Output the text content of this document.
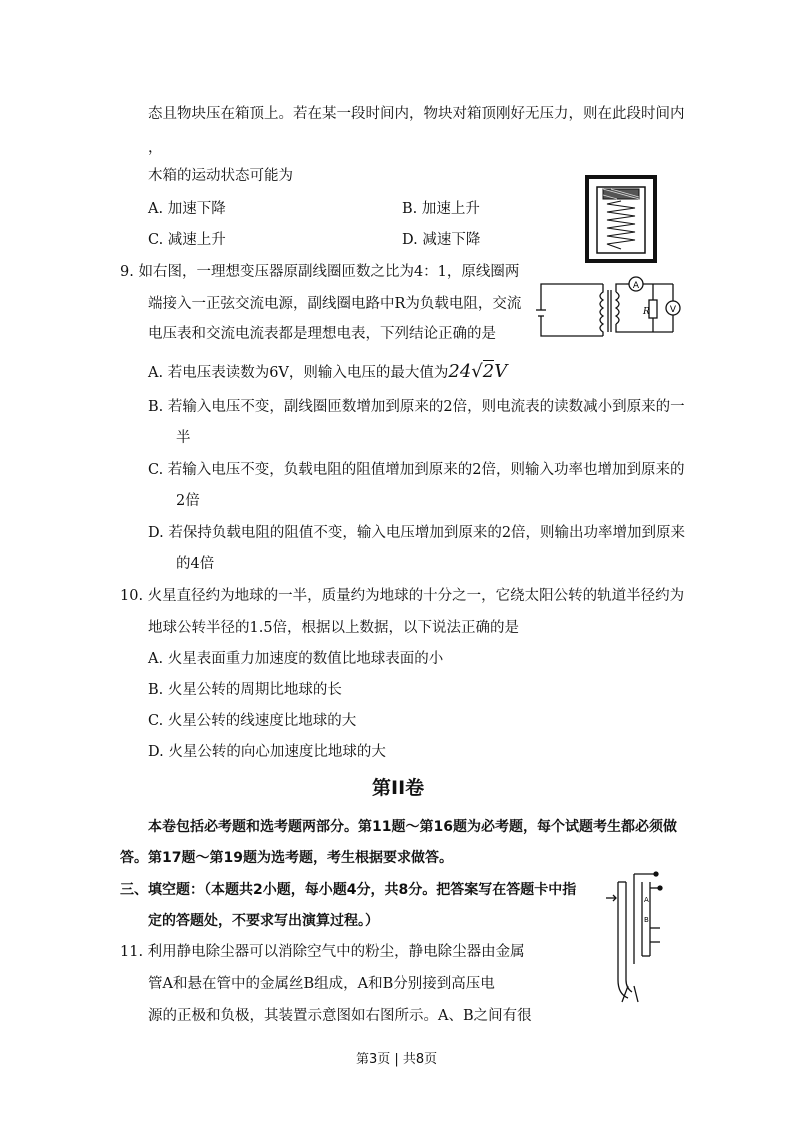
态且物块压在箱顶上。若在某一段时间内，物块对箱顶刚好无压力，则在此段时间内
，
木箱的运动状态可能为
A. 加速下降	B. 加速上升
C. 减速上升	D. 减速下降
9. 如右图，一理想变压器原副线圈匝数之比为4：1，原线圈两
端接入一正弦交流电源，副线圈电路中R为负载电阻，交流
电压表和交流电流表都是理想电表，下列结论正确的是
A
R V
A. 若电压表读数为6V，则输入电压的最大值为24√2V
B. 若输入电压不变，副线圈匝数增加到原来的2倍，则电流表的读数减小到原来的一
半
C. 若输入电压不变，负载电阻的阻值增加到原来的2倍，则输入功率也增加到原来的
2倍
D. 若保持负载电阻的阻值不变，输入电压增加到原来的2倍，则输出功率增加到原来
的4倍
10. 火星直径约为地球的一半，质量约为地球的十分之一，它绕太阳公转的轨道半径约为
地球公转半径的1.5倍，根据以上数据，以下说法正确的是
A. 火星表面重力加速度的数值比地球表面的小
B. 火星公转的周期比地球的长
C. 火星公转的线速度比地球的大
D. 火星公转的向心加速度比地球的大
第II卷
本卷包括必考题和选考题两部分。第11题～第16题为必考题，每个试题考生都必须做
答。第17题～第19题为选考题，考生根据要求做答。
三、填空题：（本题共2小题，每小题4分，共8分。把答案写在答题卡中指
定的答题处，不要求写出演算过程。）
11. 利用静电除尘器可以消除空气中的粉尘，静电除尘器由金属
管A和悬在管中的金属丝B组成，A和B分别接到高压电
源的正极和负极，其装置示意图如右图所示。A、B之间有很
A
B
第3页 | 共8页
